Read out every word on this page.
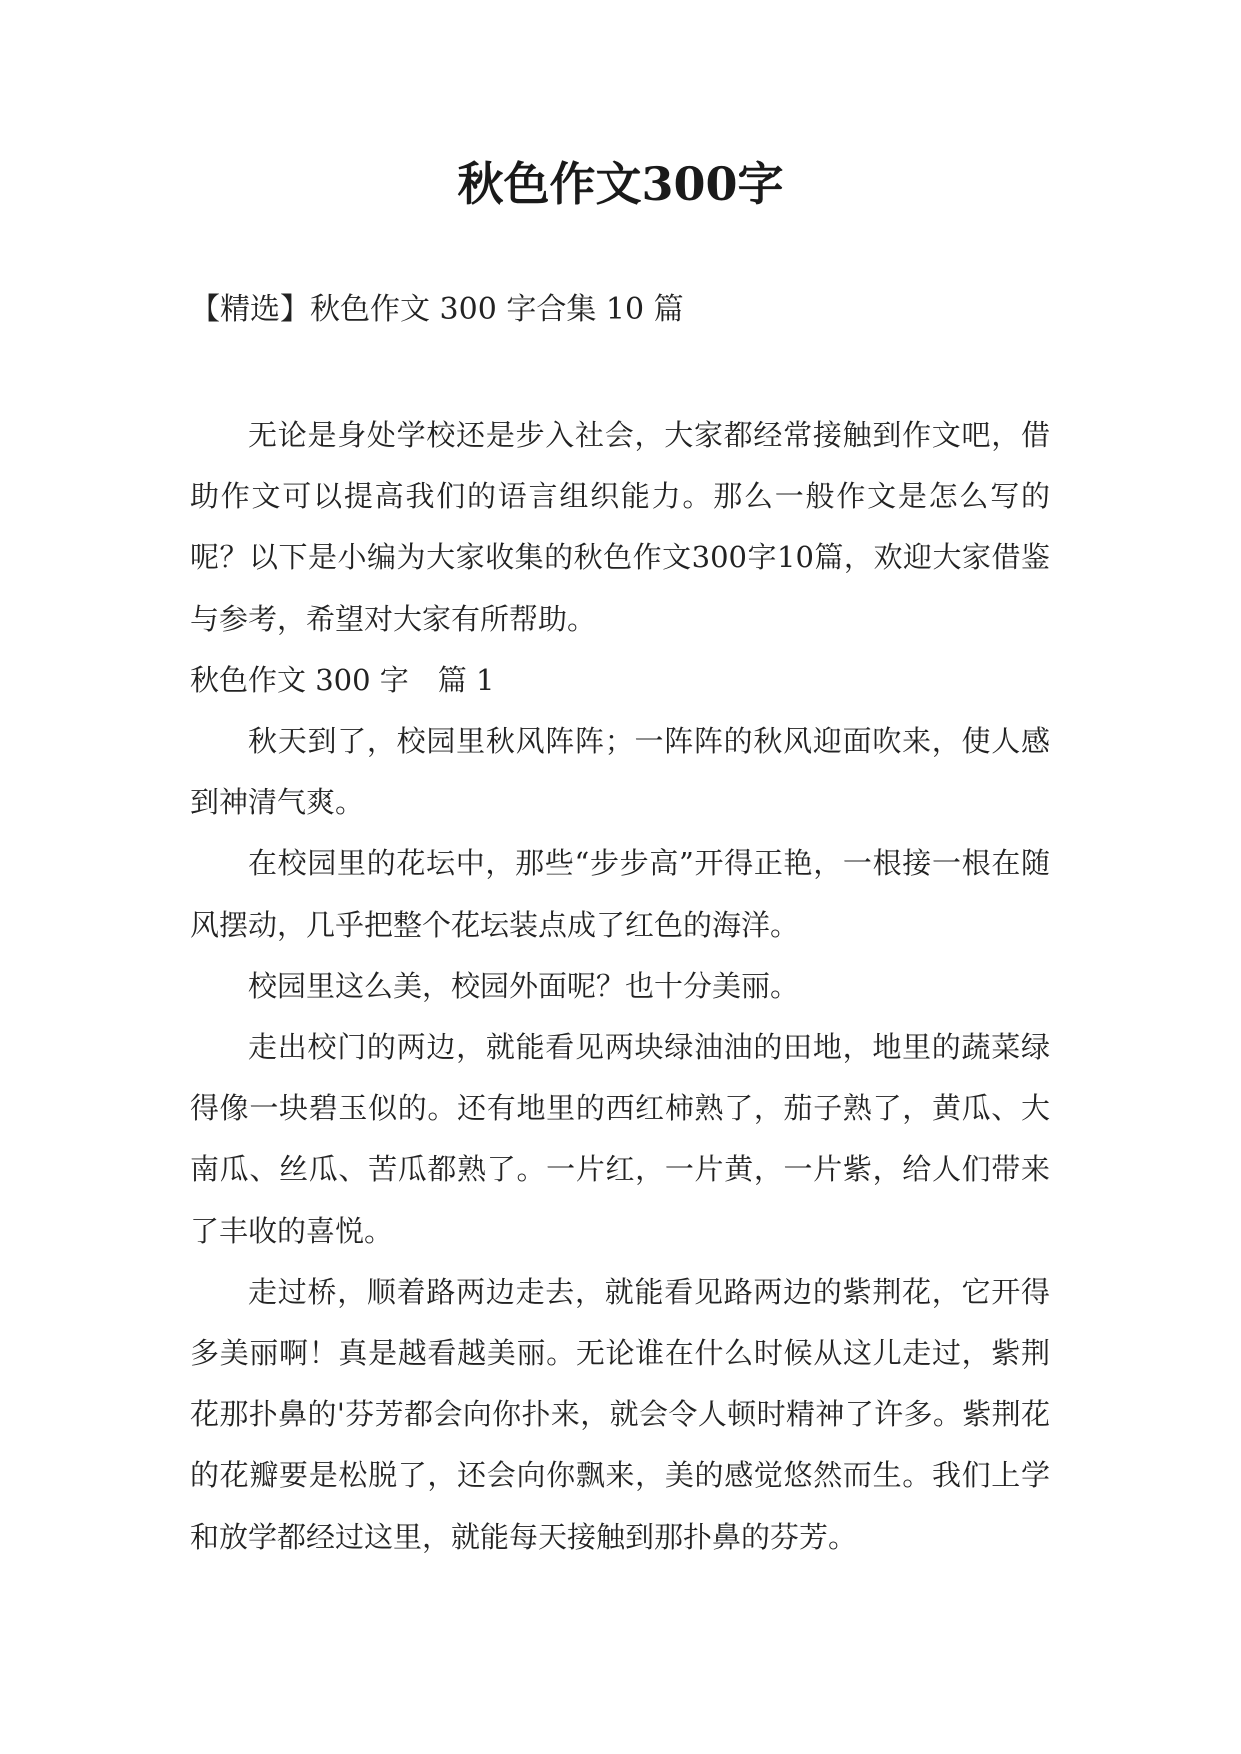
秋色作文300字

【精选】秋色作文 300 字合集 10 篇

无论是身处学校还是步入社会，大家都经常接触到作文吧，借助作文可以提高我们的语言组织能力。那么一般作文是怎么写的呢？以下是小编为大家收集的秋色作文300字10篇，欢迎大家借鉴与参考，希望对大家有所帮助。

秋色作文 300 字　篇 1

秋天到了，校园里秋风阵阵；一阵阵的秋风迎面吹来，使人感到神清气爽。

在校园里的花坛中，那些“步步高”开得正艳，一根接一根在随风摆动，几乎把整个花坛装点成了红色的海洋。

校园里这么美，校园外面呢？也十分美丽。

走出校门的两边，就能看见两块绿油油的田地，地里的蔬菜绿得像一块碧玉似的。还有地里的西红柿熟了，茄子熟了，黄瓜、大南瓜、丝瓜、苦瓜都熟了。一片红，一片黄，一片紫，给人们带来了丰收的喜悦。

走过桥，顺着路两边走去，就能看见路两边的紫荆花，它开得多美丽啊！真是越看越美丽。无论谁在什么时候从这儿走过，紫荆花那扑鼻的'芬芳都会向你扑来，就会令人顿时精神了许多。紫荆花的花瓣要是松脱了，还会向你飘来，美的感觉悠然而生。我们上学和放学都经过这里，就能每天接触到那扑鼻的芬芳。
